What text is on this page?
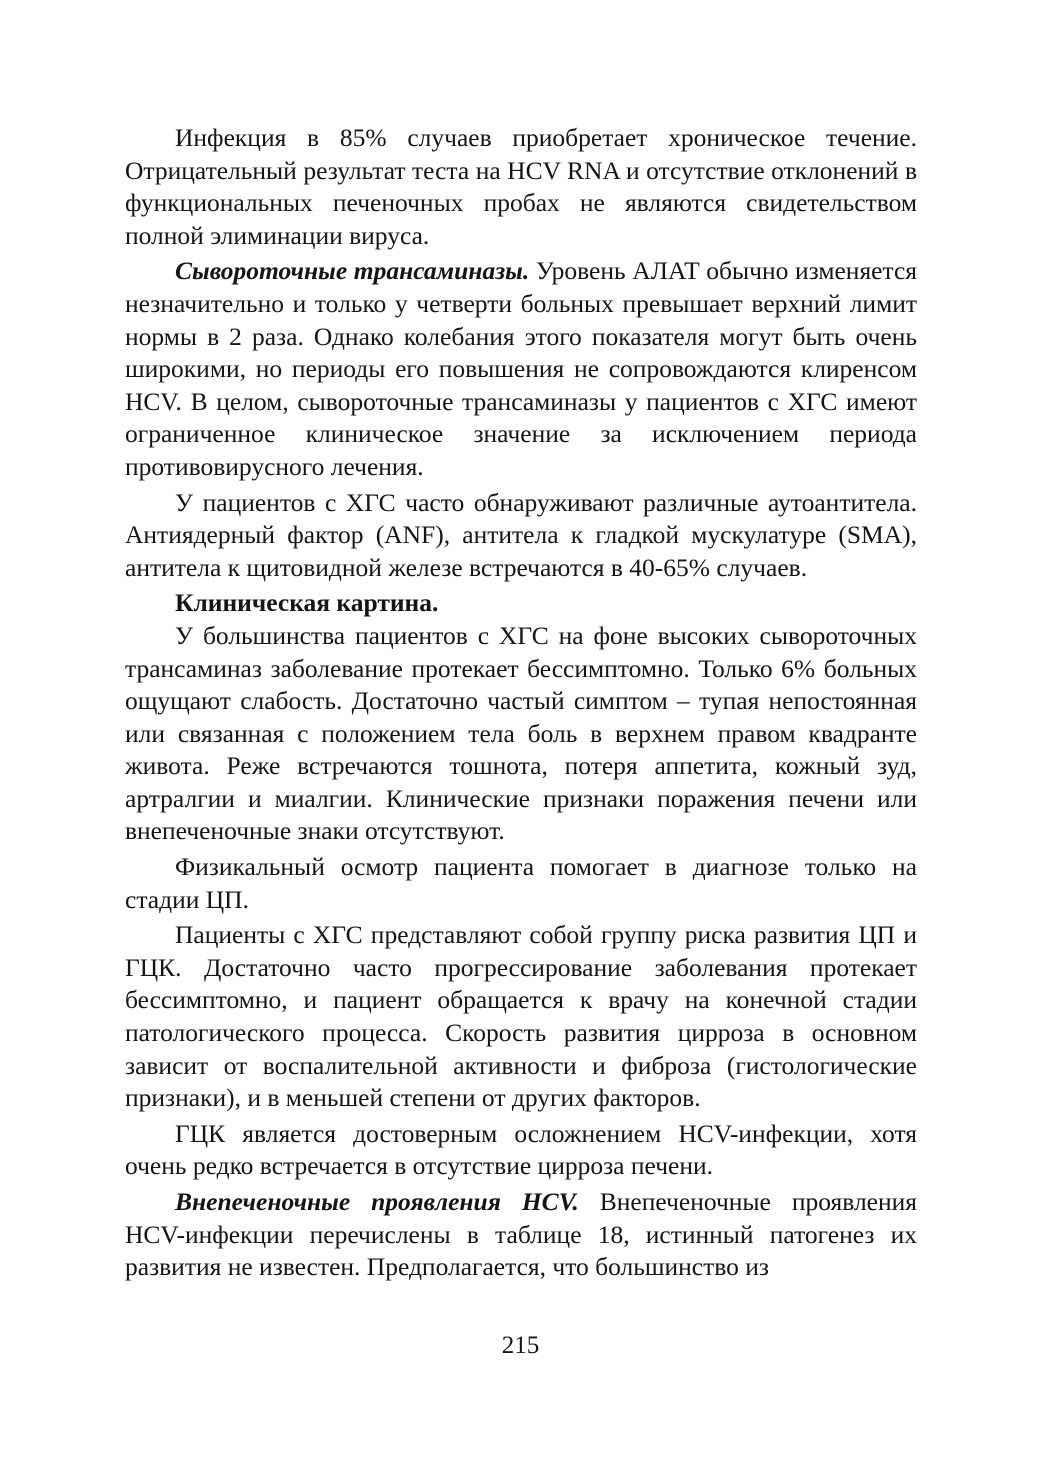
Инфекция в 85% случаев приобретает хроническое течение. Отрицательный результат теста на HCV RNA и отсутствие отклонений в функциональных печеночных пробах не являются свидетельством полной элиминации вируса.

Сывороточные трансаминазы. Уровень АЛАТ обычно изменяется незначительно и только у четверти больных превышает верхний лимит нормы в 2 раза. Однако колебания этого показателя могут быть очень широкими, но периоды его повышения не сопровождаются клиренсом HCV. В целом, сывороточные трансаминазы у пациентов с ХГС имеют ограниченное клиническое значение за исключением периода противовирусного лечения.

У пациентов с ХГС часто обнаруживают различные аутоантитела. Антиядерный фактор (ANF), антитела к гладкой мускулатуре (SMA), антитела к щитовидной железе встречаются в 40-65% случаев.

Клиническая картина.

У большинства пациентов с ХГС на фоне высоких сывороточных трансаминаз заболевание протекает бессимптомно. Только 6% больных ощущают слабость. Достаточно частый симптом – тупая непостоянная или связанная с положением тела боль в верхнем правом квадранте живота. Реже встречаются тошнота, потеря аппетита, кожный зуд, артралгии и миалгии. Клинические признаки поражения печени или внепеченочные знаки отсутствуют.

Физикальный осмотр пациента помогает в диагнозе только на стадии ЦП.

Пациенты с ХГС представляют собой группу риска развития ЦП и ГЦК. Достаточно часто прогрессирование заболевания протекает бессимптомно, и пациент обращается к врачу на конечной стадии патологического процесса. Скорость развития цирроза в основном зависит от воспалительной активности и фиброза (гистологические признаки), и в меньшей степени от других факторов.

ГЦК является достоверным осложнением HCV-инфекции, хотя очень редко встречается в отсутствие цирроза печени.

Внепеченочные проявления HCV. Внепеченочные проявления HCV-инфекции перечислены в таблице 18, истинный патогенез их развития не известен. Предполагается, что большинство из

215
